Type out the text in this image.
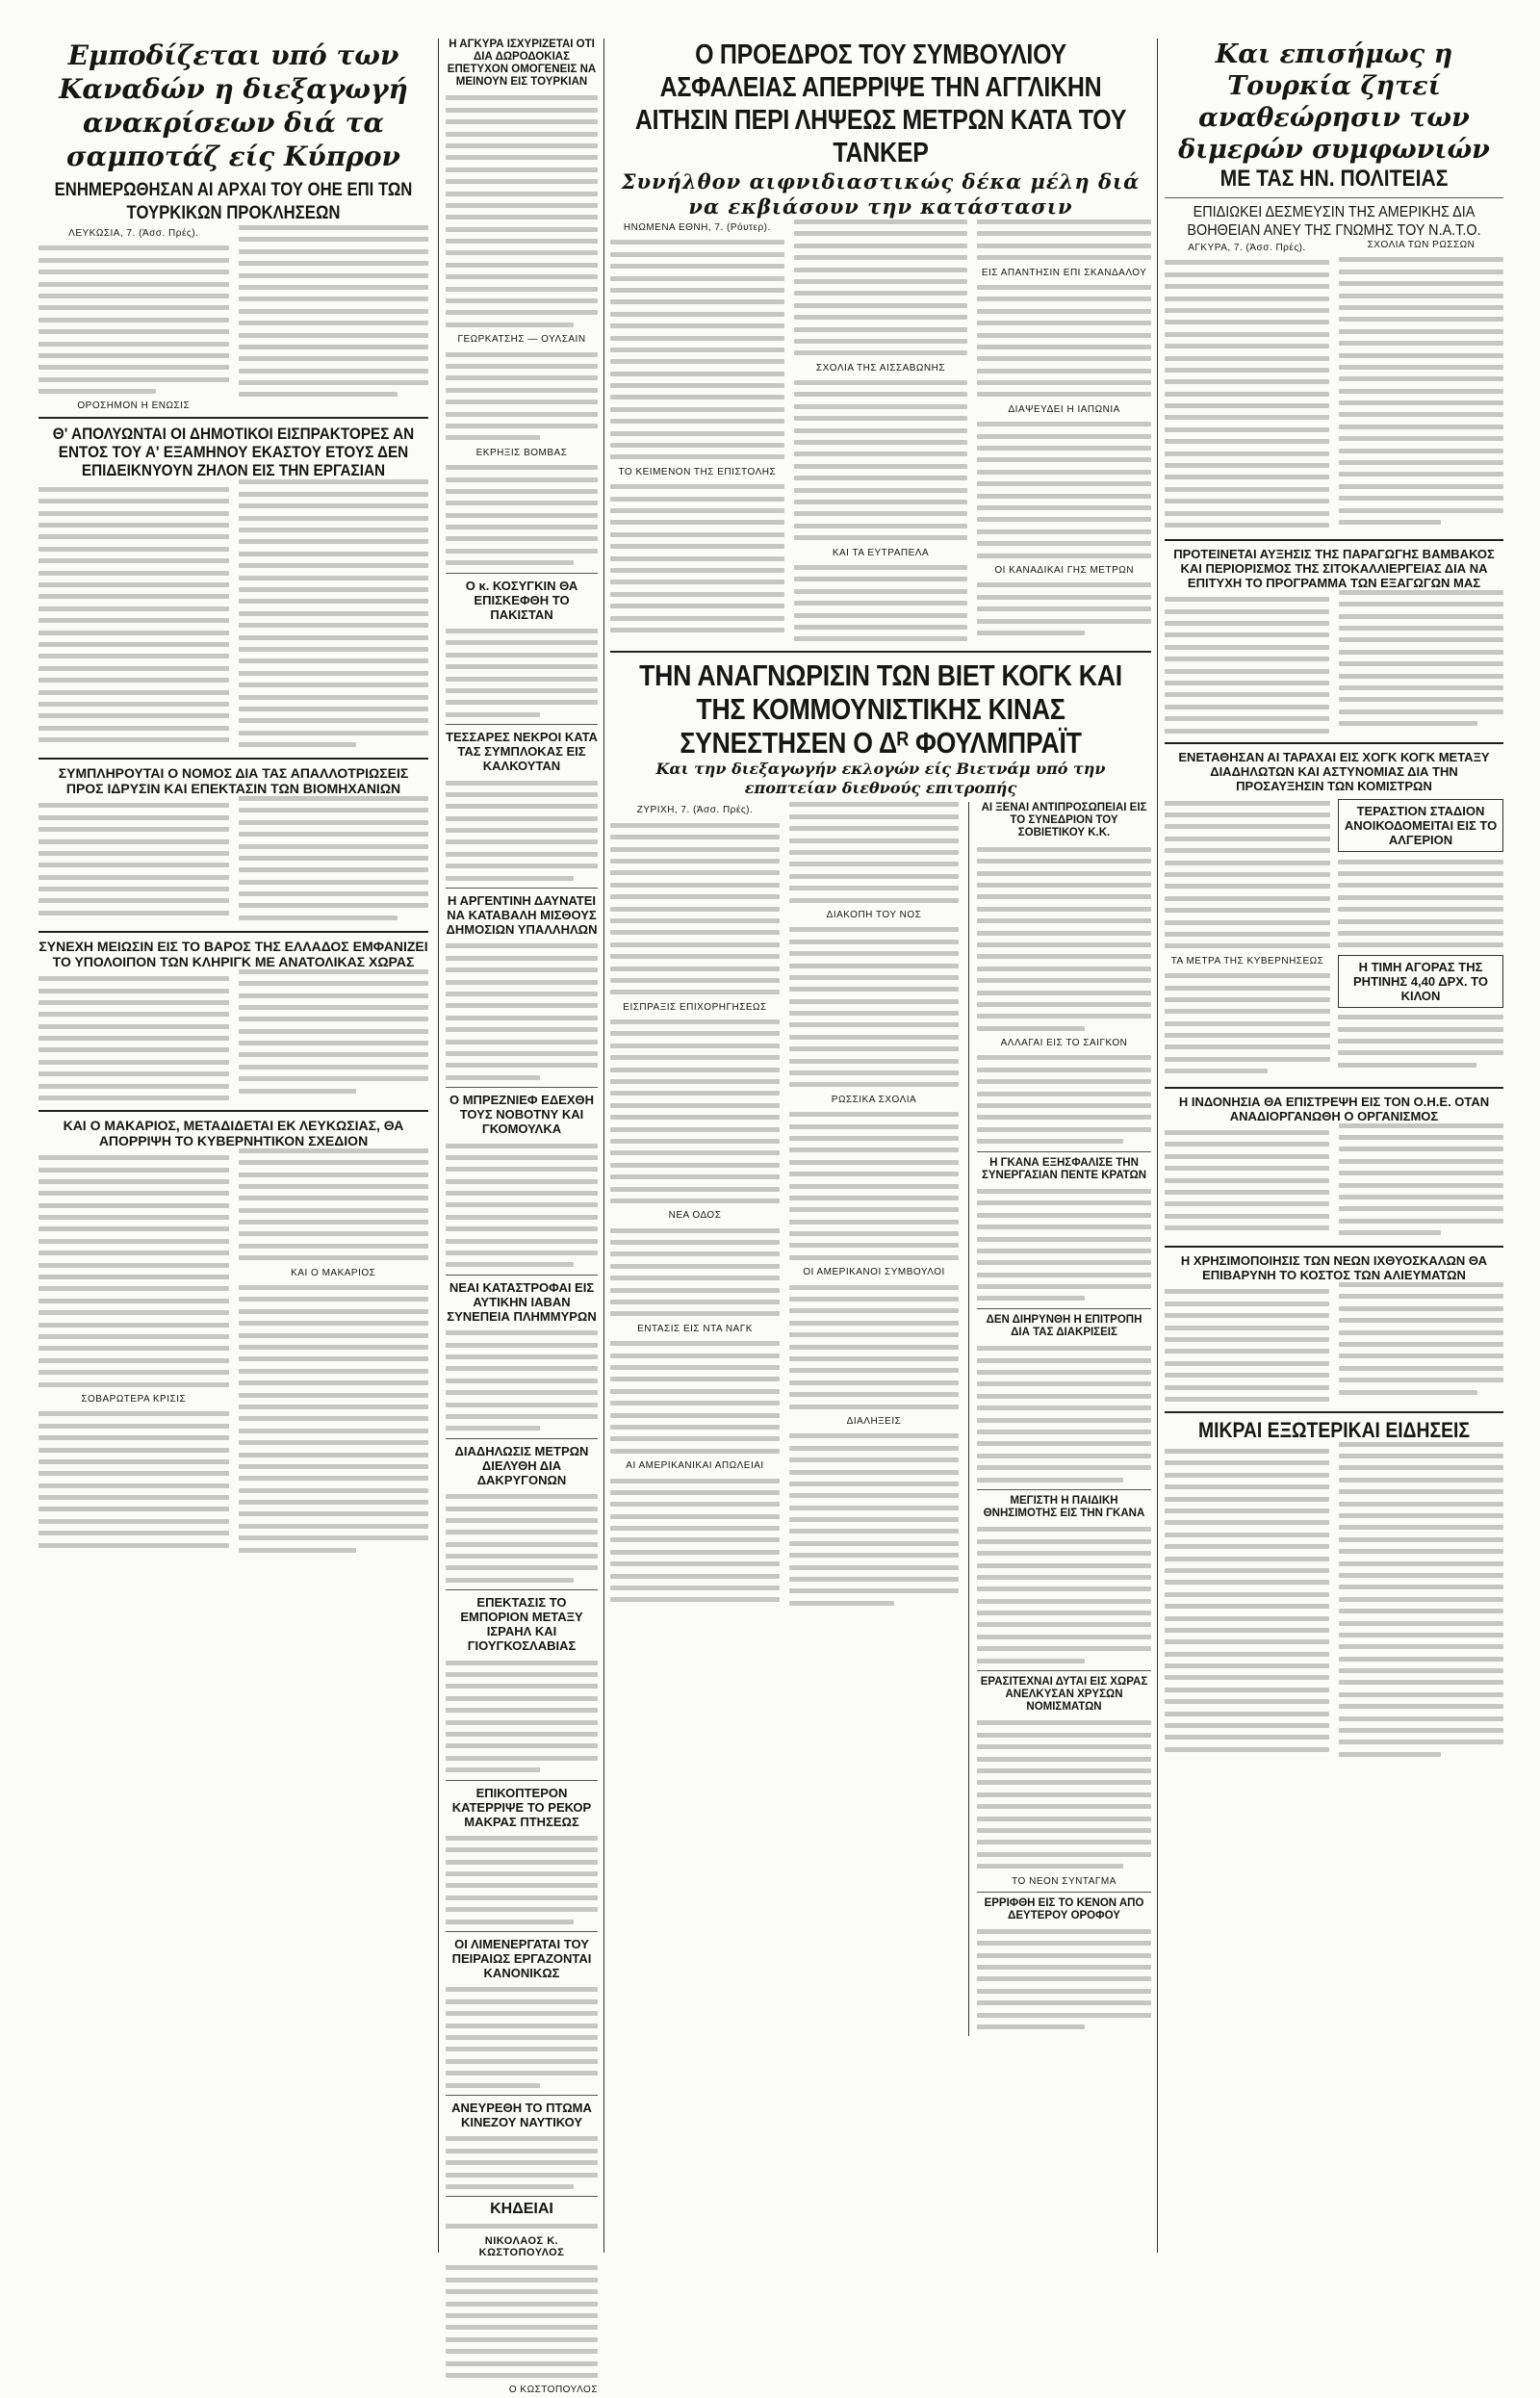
Εμποδίζεται υπό των Καναδών η διεξαγωγή ανακρίσεων διά τα σαμποτάζ είς Κύπρον
ΕΝΗΜΕΡΩΘΗΣΑΝ ΑΙ ΑΡΧΑΙ ΤΟΥ ΟΗΕ ΕΠΙ ΤΩΝ ΤΟΥΡΚΙΚΩΝ ΠΡΟΚΛΗΣΕΩΝ
ΛΕΥΚΩΣΙΑ, 7. (Άσσ. Πρές).
ΟΡΟΣΗΜΟΝ Η ΕΝΩΣΙΣ
Θ' ΑΠΟΛΥΩΝΤΑΙ ΟΙ ΔΗΜΟΤΙΚΟΙ ΕΙΣΠΡΑΚΤΟΡΕΣ ΑΝ ΕΝΤΟΣ ΤΟΥ Α' ΕΞΑΜΗΝΟΥ ΕΚΑΣΤΟΥ ΕΤΟΥΣ ΔΕΝ ΕΠΙΔΕΙΚΝΥΟΥΝ ΖΗΛΟΝ ΕΙΣ ΤΗΝ ΕΡΓΑΣΙΑΝ
ΣΥΜΠΛΗΡΟΥΤΑΙ Ο ΝΟΜΟΣ ΔΙΑ ΤΑΣ ΑΠΑΛΛΟΤΡΙΩΣΕΙΣ ΠΡΟΣ ΙΔΡΥΣΙΝ ΚΑΙ ΕΠΕΚΤΑΣΙΝ ΤΩΝ ΒΙΟΜΗΧΑΝΙΩΝ
ΣΥΝΕΧΗ ΜΕΙΩΣΙΝ ΕΙΣ ΤΟ ΒΑΡΟΣ ΤΗΣ ΕΛΛΑΔΟΣ ΕΜΦΑΝΙΖΕΙ ΤΟ ΥΠΟΛΟΙΠΟΝ ΤΩΝ ΚΛΗΡΙΓΚ ΜΕ ΑΝΑΤΟΛΙΚΑΣ ΧΩΡΑΣ
ΚΑΙ Ο ΜΑΚΑΡΙΟΣ, ΜΕΤΑΔΙΔΕΤΑΙ ΕΚ ΛΕΥΚΩΣΙΑΣ, ΘΑ ΑΠΟΡΡΙΨΗ ΤΟ ΚΥΒΕΡΝΗΤΙΚΟΝ ΣΧΕΔΙΟΝ
ΣΟΒΑΡΩΤΕΡΑ ΚΡΙΣΙΣ
ΚΑΙ Ο ΜΑΚΑΡΙΟΣ
Η ΑΓΚΥΡΑ ΙΣΧΥΡΙΖΕΤΑΙ ΟΤΙ ΔΙΑ ΔΩΡΟΔΟΚΙΑΣ ΕΠΕΤΥΧΟΝ ΟΜΟΓΕΝΕΙΣ ΝΑ ΜΕΙΝΟΥΝ ΕΙΣ ΤΟΥΡΚΙΑΝ
ΓΕΩΡΚΑΤΣΗΣ — ΟΥΛΣΑΙΝ
ΕΚΡΗΞΙΣ ΒΟΜΒΑΣ
Ο κ. ΚΟΣΥΓΚΙΝ ΘΑ ΕΠΙΣΚΕΦΘΗ ΤΟ ΠΑΚΙΣΤΑΝ
ΤΕΣΣΑΡΕΣ ΝΕΚΡΟΙ ΚΑΤΑ ΤΑΣ ΣΥΜΠΛΟΚΑΣ ΕΙΣ ΚΑΛΚΟΥΤΑΝ
Η ΑΡΓΕΝΤΙΝΗ ΔΑΥΝΑΤΕΙ ΝΑ ΚΑΤΑΒΑΛΗ ΜΙΣΘΟΥΣ ΔΗΜΟΣΙΩΝ ΥΠΑΛΛΗΛΩΝ
Ο ΜΠΡΕΖΝΙΕΦ ΕΔΕΧΘΗ ΤΟΥΣ ΝΟΒΟΤΝΥ ΚΑΙ ΓΚΟΜΟΥΛΚΑ
ΝΕΑΙ ΚΑΤΑΣΤΡΟΦΑΙ ΕΙΣ ΑΥΤΙΚΗΝ ΙΑΒΑΝ ΣΥΝΕΠΕΙΑ ΠΛΗΜΜΥΡΩΝ
ΔΙΑΔΗΛΩΣΙΣ ΜΕΤΡΩΝ ΔΙΕΛΥΘΗ ΔΙΑ ΔΑΚΡΥΓΟΝΩΝ
ΕΠΕΚΤΑΣΙΣ ΤΟ ΕΜΠΟΡΙΟΝ ΜΕΤΑΞΥ ΙΣΡΑΗΛ ΚΑΙ ΓΙΟΥΓΚΟΣΛΑΒΙΑΣ
ΕΠΙΚΟΠΤΕΡΟΝ ΚΑΤΕΡΡΙΨΕ ΤΟ ΡΕΚΟΡ ΜΑΚΡΑΣ ΠΤΗΣΕΩΣ
ΟΙ ΛΙΜΕΝΕΡΓΑΤΑΙ ΤΟΥ ΠΕΙΡΑΙΩΣ ΕΡΓΑΖΟΝΤΑΙ ΚΑΝΟΝΙΚΩΣ
ΑΝΕΥΡΕΘΗ ΤΟ ΠΤΩΜΑ ΚΙΝΕΖΟΥ ΝΑΥΤΙΚΟΥ
ΚΗΔΕΙΑΙ
ΝΙΚΟΛΑΟΣ Κ. ΚΩΣΤΟΠΟΥΛΟΣ
Ο ΚΩΣΤΟΠΟΥΛΟΣ
Ο ΠΡΟΕΔΡΟΣ ΤΟΥ ΣΥΜΒΟΥΛΙΟΥ ΑΣΦΑΛΕΙΑΣ ΑΠΕΡΡΙΨΕ ΤΗΝ ΑΓΓΛΙΚΗΝ ΑΙΤΗΣΙΝ ΠΕΡΙ ΛΗΨΕΩΣ ΜΕΤΡΩΝ ΚΑΤΑ ΤΟΥ ΤΑΝΚΕΡ
Συνήλθον αιφνιδιαστικώς δέκα μέλη διά να εκβιάσουν την κατάστασιν
ΗΝΩΜΕΝΑ ΕΘΝΗ, 7. (Ρόυτερ).
ΤΟ ΚΕΙΜΕΝΟΝ ΤΗΣ ΕΠΙΣΤΟΛΗΣ
ΣΧΟΛΙΑ ΤΗΣ ΑΙΣΣΑΒΩΝΗΣ
ΚΑΙ ΤΑ ΕΥΤΡΑΠΕΛΑ
ΕΙΣ ΑΠΑΝΤΗΣΙΝ ΕΠΙ ΣΚΑΝΔΑΛΟΥ
ΔΙΑΨΕΥΔΕΙ Η ΙΑΠΩΝΙΑ
ΟΙ ΚΑΝΑΔΙΚΑΙ ΓΗΣ ΜΕΤΡΩΝ
ΤΗΝ ΑΝΑΓΝΩΡΙΣΙΝ ΤΩΝ ΒΙΕΤ ΚΟΓΚ ΚΑΙ ΤΗΣ ΚΟΜΜΟΥΝΙΣΤΙΚΗΣ ΚΙΝΑΣ ΣΥΝΕΣΤΗΣΕΝ Ο Δᴿ ΦΟΥΛΜΠΡΑΪΤ
Και την διεξαγωγήν εκλογών είς Βιετνάμ υπό την εποπτείαν διεθνούς επιτροπής
ΖΥΡΙΧΗ, 7. (Άσσ. Πρές).
ΕΙΣΠΡΑΞΙΣ ΕΠΙΧΟΡΗΓΗΣΕΩΣ
ΝΕΑ ΟΔΟΣ
ΕΝΤΑΣΙΣ ΕΙΣ ΝΤΑ ΝΑΓΚ
ΑΙ ΑΜΕΡΙΚΑΝΙΚΑΙ ΑΠΩΛΕΙΑΙ
ΔΙΑΚΟΠΗ ΤΟΥ ΝΟΣ
ΡΩΣΣΙΚΑ ΣΧΟΛΙΑ
ΟΙ ΑΜΕΡΙΚΑΝΟΙ ΣΥΜΒΟΥΛΟΙ
ΔΙΑΛΗΞΕΙΣ
ΑΙ ΞΕΝΑΙ ΑΝΤΙΠΡΟΣΩΠΕΙΑΙ ΕΙΣ ΤΟ ΣΥΝΕΔΡΙΟΝ ΤΟΥ ΣΟΒΙΕΤΙΚΟΥ Κ.Κ.
ΑΛΛΑΓΑΙ ΕΙΣ ΤΟ ΣΑΙΓΚΟΝ
Η ΓΚΑΝΑ ΕΞΗΣΦΑΛΙΣΕ ΤΗΝ ΣΥΝΕΡΓΑΣΙΑΝ ΠΕΝΤΕ ΚΡΑΤΩΝ
ΔΕΝ ΔΙΗΡΥΝΘΗ Η ΕΠΙΤΡΟΠΗ ΔΙΑ ΤΑΣ ΔΙΑΚΡΙΣΕΙΣ
ΜΕΓΙΣΤΗ Η ΠΑΙΔΙΚΗ ΘΝΗΣΙΜΟΤΗΣ ΕΙΣ ΤΗΝ ΓΚΑΝΑ
ΕΡΑΣΙΤΕΧΝΑΙ ΔΥΤΑΙ ΕΙΣ ΧΩΡΑΣ ΑΝΕΛΚΥΣΑΝ ΧΡΥΣΩΝ ΝΟΜΙΣΜΑΤΩΝ
ΤΟ ΝΕΟΝ ΣΥΝΤΑΓΜΑ
ΕΡΡΙΦΘΗ ΕΙΣ ΤΟ ΚΕΝΟΝ ΑΠΟ ΔΕΥΤΕΡΟΥ ΟΡΟΦΟΥ
Και επισήμως η Τουρκία ζητεί αναθεώρησιν των διμερών συμφωνιών
ΜΕ ΤΑΣ ΗΝ. ΠΟΛΙΤΕΙΑΣ
ΕΠΙΔΙΩΚΕΙ ΔΕΣΜΕΥΣΙΝ ΤΗΣ ΑΜΕΡΙΚΗΣ ΔΙΑ ΒΟΗΘΕΙΑΝ ΑΝΕΥ ΤΗΣ ΓΝΩΜΗΣ ΤΟΥ Ν.Α.Τ.Ο.
ΑΓΚΥΡΑ, 7. (Άσσ. Πρές).	ΣΧΟΛΙΑ ΤΩΝ ΡΩΣΣΩΝ
ΠΡΟΤΕΙΝΕΤΑΙ ΑΥΞΗΣΙΣ ΤΗΣ ΠΑΡΑΓΩΓΗΣ ΒΑΜΒΑΚΟΣ ΚΑΙ ΠΕΡΙΟΡΙΣΜΟΣ ΤΗΣ ΣΙΤΟΚΑΛΛΙΕΡΓΕΙΑΣ ΔΙΑ ΝΑ ΕΠΙΤΥΧΗ ΤΟ ΠΡΟΓΡΑΜΜΑ ΤΩΝ ΕΞΑΓΩΓΩΝ ΜΑΣ
ΕΝΕΤΑΘΗΣΑΝ ΑΙ ΤΑΡΑΧΑΙ ΕΙΣ ΧΟΓΚ ΚΟΓΚ ΜΕΤΑΞΥ ΔΙΑΔΗΛΩΤΩΝ ΚΑΙ ΑΣΤΥΝΟΜΙΑΣ ΔΙΑ ΤΗΝ ΠΡΟΣΑΥΞΗΣΙΝ ΤΩΝ ΚΟΜΙΣΤΡΩΝ
ΤΑ ΜΕΤΡΑ ΤΗΣ ΚΥΒΕΡΝΗΣΕΩΣ
ΤΕΡΑΣΤΙΟΝ ΣΤΑΔΙΟΝ ΑΝΟΙΚΟΔΟΜΕΙΤΑΙ ΕΙΣ ΤΟ ΑΛΓΕΡΙΟΝ
Η ΤΙΜΗ ΑΓΟΡΑΣ ΤΗΣ ΡΗΤΙΝΗΣ 4,40 ΔΡΧ. ΤΟ ΚΙΛΟΝ
Η ΙΝΔΟΝΗΣΙΑ ΘΑ ΕΠΙΣΤΡΕΨΗ ΕΙΣ ΤΟΝ Ο.Η.Ε. ΟΤΑΝ ΑΝΑΔΙΟΡΓΑΝΩΘΗ Ο ΟΡΓΑΝΙΣΜΟΣ
Η ΧΡΗΣΙΜΟΠΟΙΗΣΙΣ ΤΩΝ ΝΕΩΝ ΙΧΘΥΟΣΚΑΛΩΝ ΘΑ ΕΠΙΒΑΡΥΝΗ ΤΟ ΚΟΣΤΟΣ ΤΩΝ ΑΛΙΕΥΜΑΤΩΝ
ΜΙΚΡΑΙ ΕΞΩΤΕΡΙΚΑΙ ΕΙΔΗΣΕΙΣ
